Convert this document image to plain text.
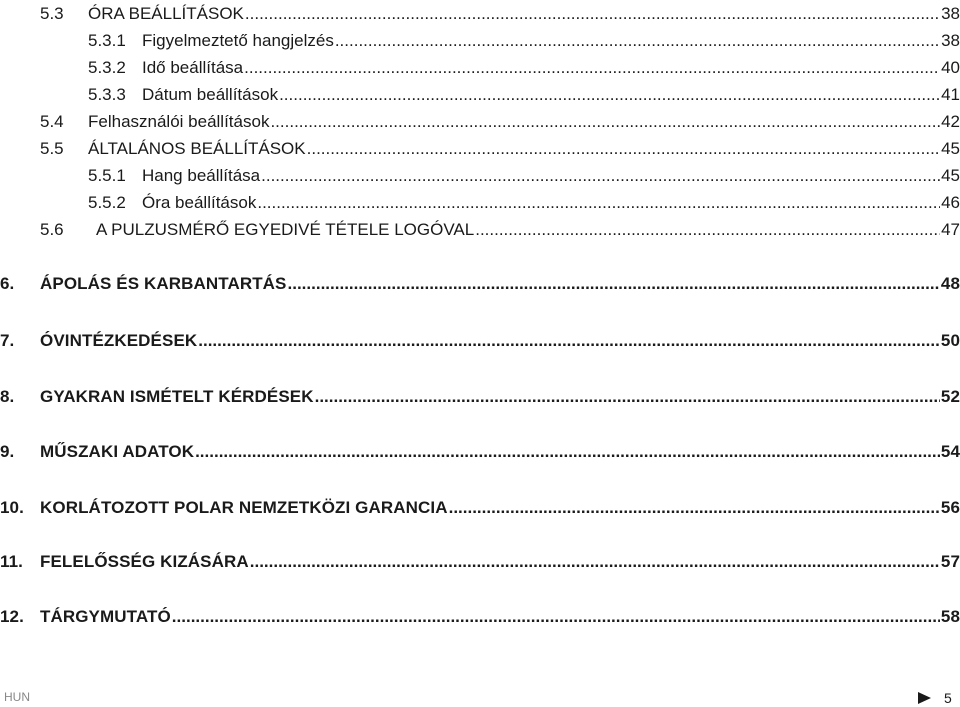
5.3	ÓRA BEÁLLÍTÁSOK .....	38
5.3.1 Figyelmeztető hangjelzés .....	38
5.3.2 Idő beállítása .....	40
5.3.3 Dátum beállítások .....	41
5.4	Felhasználói beállítások .....	42
5.5	ÁLTALÁNOS BEÁLLÍTÁSOK .....	45
5.5.1 Hang beállítása .....	45
5.5.2 Óra beállítások .....	46
5.6	A PULZUSMÉRŐ EGYEDIVÉ TÉTELE LOGÓVAL .....	47
6.	ÁPOLÁS ÉS KARBANTARTÁS .....	48
7.	ÓVINTÉZKEDÉSEK .....	50
8.	GYAKRAN ISMÉTELT KÉRDÉSEK .....	52
9.	MŰSZAKI ADATOK .....	54
10. KORLÁTOZOTT POLAR NEMZETKÖZI GARANCIA .....	56
11.	FELELŐSSÉG KIZÁSÁRA .....	57
12. TÁRGYMUTATÓ .....	58
HUN	5
